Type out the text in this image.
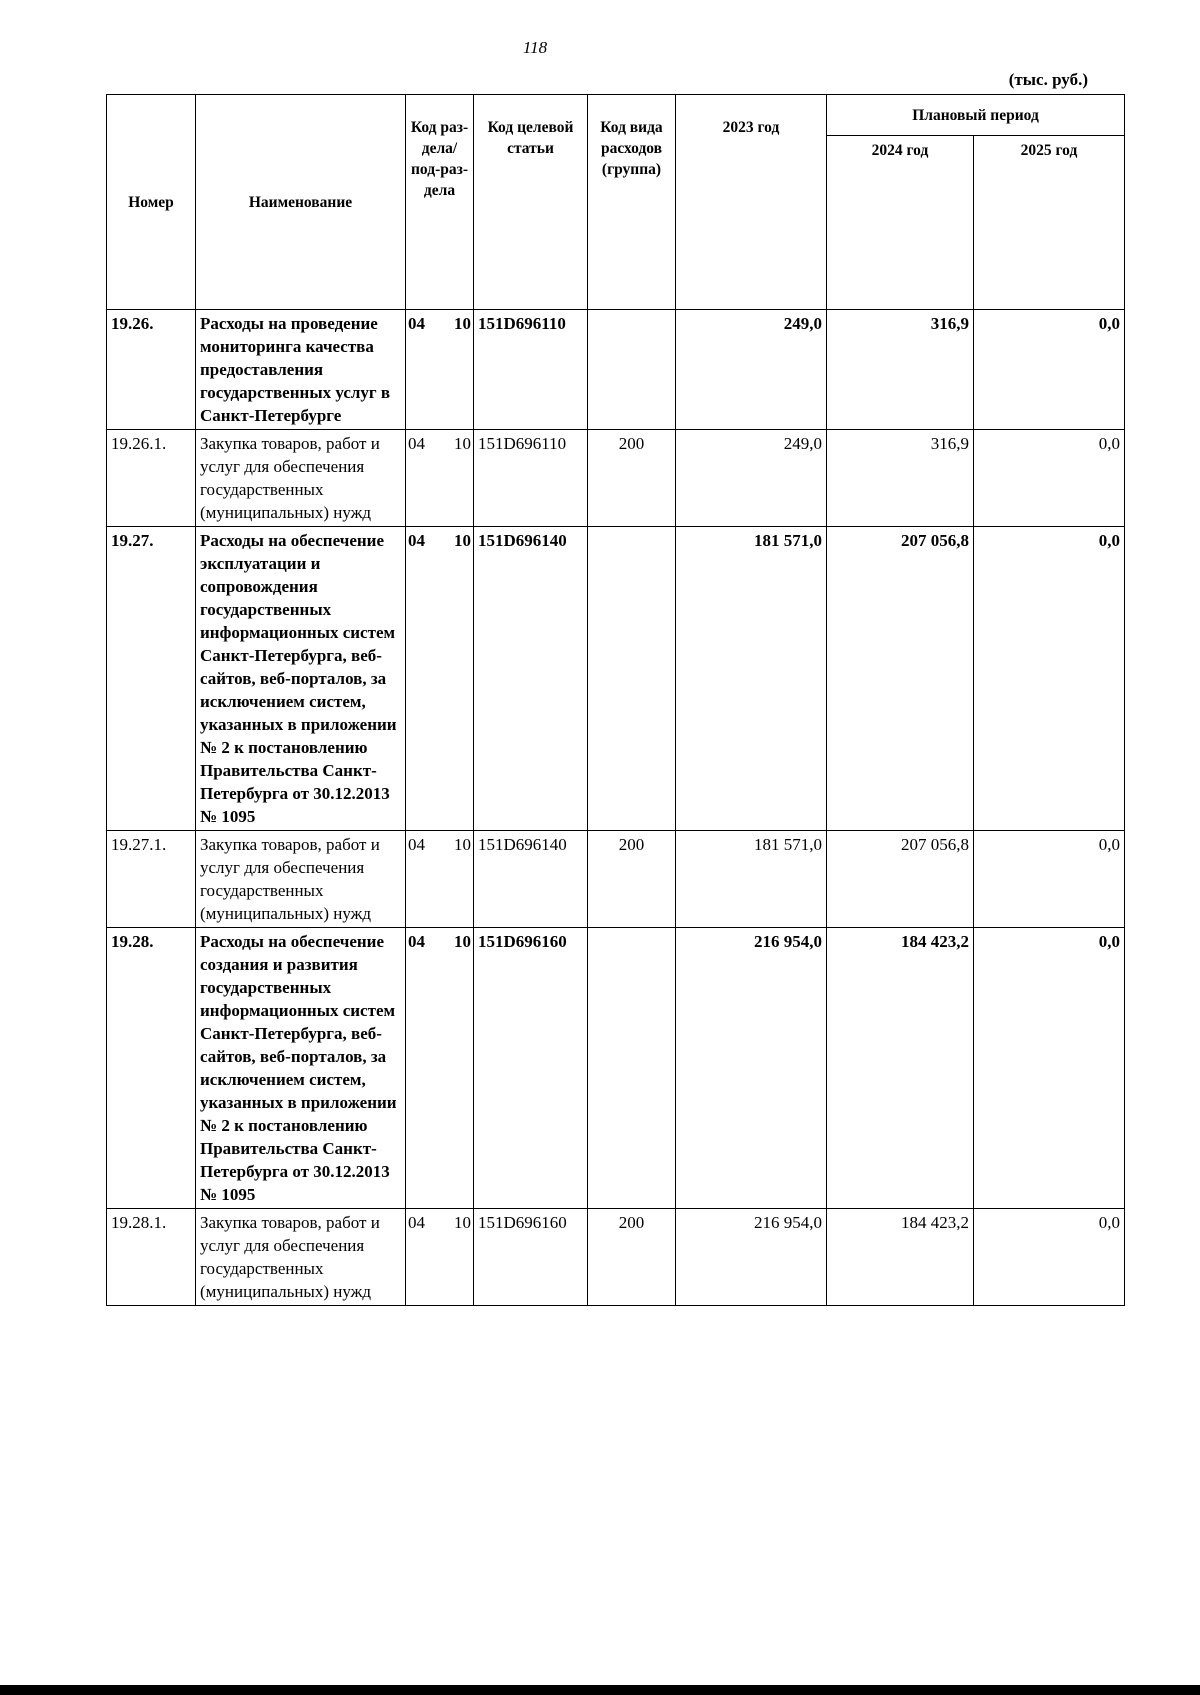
118
(тыс. руб.)
Номер	Наименование	Код раз-дела/ под-раз-дела	Код целевой статьи	Код вида расходов (группа)	2023 год	Плановый период	
						2024 год	2025 год
19.26.	Расходы на проведение мониторинга качества предоставления государственных услуг в Санкт-Петербурге	04 10	151D696110		249,0	316,9	0,0
19.26.1.	Закупка товаров, работ и услуг для обеспечения государственных (муниципальных) нужд	04 10	151D696110	200	249,0	316,9	0,0
19.27.	Расходы на обеспечение эксплуатации и сопровождения государственных информационных систем Санкт-Петербурга, веб-сайтов, веб-порталов, за исключением систем, указанных в приложении № 2 к постановлению Правительства Санкт-Петербурга от 30.12.2013 № 1095	04 10	151D696140		181 571,0	207 056,8	0,0
19.27.1.	Закупка товаров, работ и услуг для обеспечения государственных (муниципальных) нужд	04 10	151D696140	200	181 571,0	207 056,8	0,0
19.28.	Расходы на обеспечение создания и развития государственных информационных систем Санкт-Петербурга, веб-сайтов, веб-порталов, за исключением систем, указанных в приложении № 2 к постановлению Правительства Санкт-Петербурга от 30.12.2013 № 1095	04 10	151D696160		216 954,0	184 423,2	0,0
19.28.1.	Закупка товаров, работ и услуг для обеспечения государственных (муниципальных) нужд	04 10	151D696160	200	216 954,0	184 423,2	0,0
